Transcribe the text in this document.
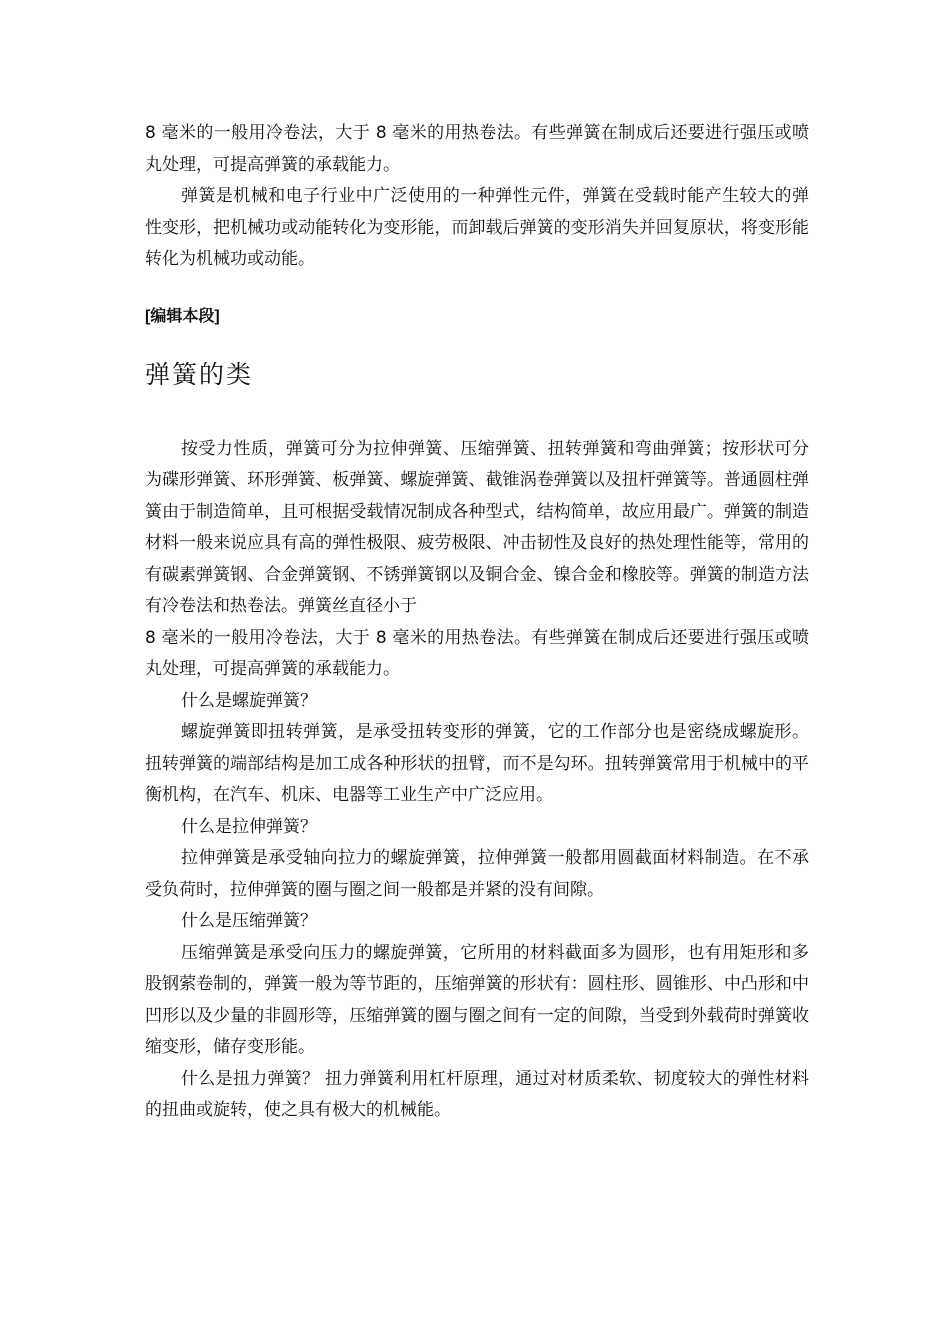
8 毫米的一般用冷卷法，大于 8 毫米的用热卷法。有些弹簧在制成后还要进行强压或喷丸处理，可提高弹簧的承载能力。

弹簧是机械和电子行业中广泛使用的一种弹性元件，弹簧在受载时能产生较大的弹性变形，把机械功或动能转化为变形能，而卸载后弹簧的变形消失并回复原状，将变形能转化为机械功或动能。

[编辑本段]
弹簧的类

按受力性质，弹簧可分为拉伸弹簧、压缩弹簧、扭转弹簧和弯曲弹簧；按形状可分为碟形弹簧、环形弹簧、板弹簧、螺旋弹簧、截锥涡卷弹簧以及扭杆弹簧等。普通圆柱弹簧由于制造简单，且可根据受载情况制成各种型式，结构简单，故应用最广。弹簧的制造材料一般来说应具有高的弹性极限、疲劳极限、冲击韧性及良好的热处理性能等，常用的有碳素弹簧钢、合金弹簧钢、不锈弹簧钢以及铜合金、镍合金和橡胶等。弹簧的制造方法有冷卷法和热卷法。弹簧丝直径小于

8 毫米的一般用冷卷法，大于 8 毫米的用热卷法。有些弹簧在制成后还要进行强压或喷丸处理，可提高弹簧的承载能力。

什么是螺旋弹簧？

螺旋弹簧即扭转弹簧，是承受扭转变形的弹簧，它的工作部分也是密绕成螺旋形。扭转弹簧的端部结构是加工成各种形状的扭臂，而不是勾环。扭转弹簧常用于机械中的平衡机构，在汽车、机床、电器等工业生产中广泛应用。

什么是拉伸弹簧？

拉伸弹簧是承受轴向拉力的螺旋弹簧，拉伸弹簧一般都用圆截面材料制造。在不承受负荷时，拉伸弹簧的圈与圈之间一般都是并紧的没有间隙。

什么是压缩弹簧？

压缩弹簧是承受向压力的螺旋弹簧，它所用的材料截面多为圆形，也有用矩形和多股钢萦卷制的，弹簧一般为等节距的，压缩弹簧的形状有：圆柱形、圆锥形、中凸形和中凹形以及少量的非圆形等，压缩弹簧的圈与圈之间有一定的间隙，当受到外载荷时弹簧收缩变形，储存变形能。

什么是扭力弹簧？ 扭力弹簧利用杠杆原理，通过对材质柔软、韧度较大的弹性材料的扭曲或旋转，使之具有极大的机械能。
